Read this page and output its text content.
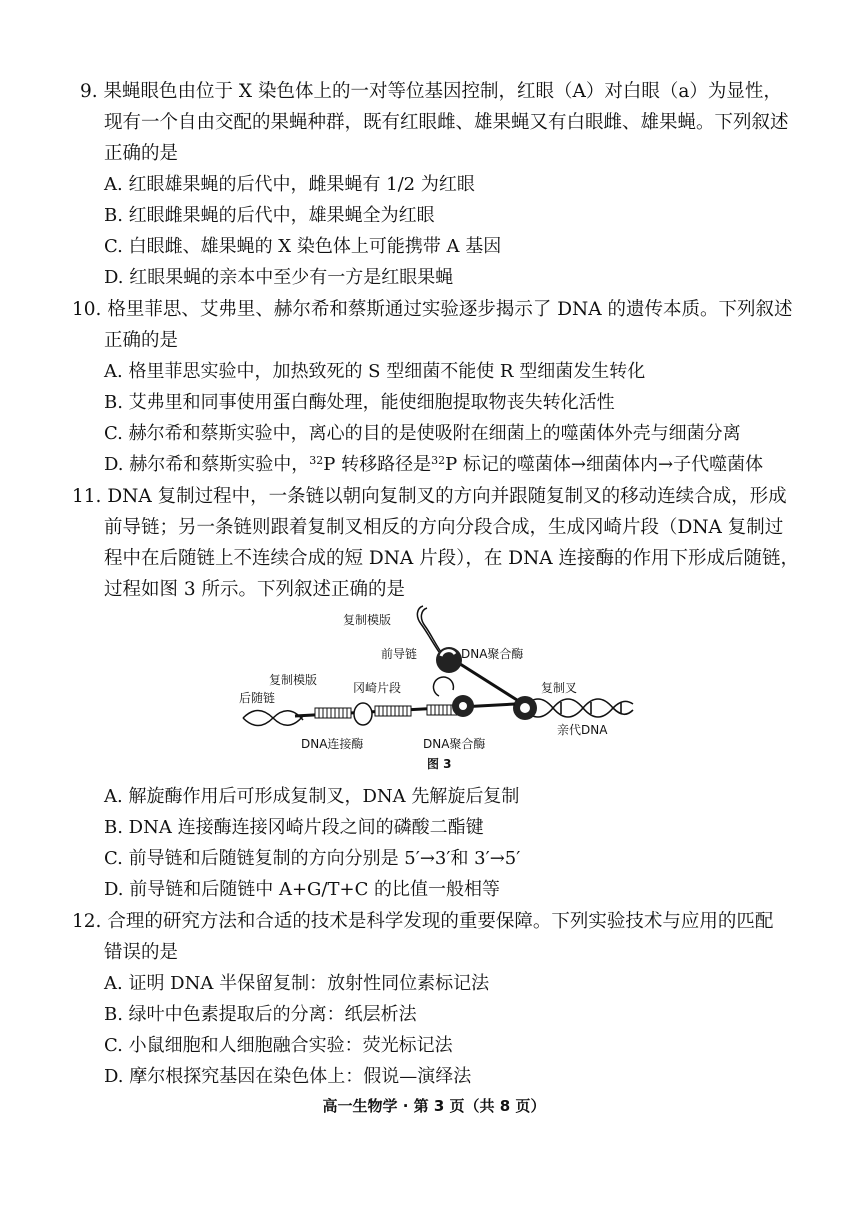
9. 果蝇眼色由位于 X 染色体上的一对等位基因控制，红眼（A）对白眼（a）为显性，
现有一个自由交配的果蝇种群，既有红眼雌、雄果蝇又有白眼雌、雄果蝇。下列叙述
正确的是
A. 红眼雄果蝇的后代中，雌果蝇有 1/2 为红眼
B. 红眼雌果蝇的后代中，雄果蝇全为红眼
C. 白眼雌、雄果蝇的 X 染色体上可能携带 A 基因
D. 红眼果蝇的亲本中至少有一方是红眼果蝇
10. 格里菲思、艾弗里、赫尔希和蔡斯通过实验逐步揭示了 DNA 的遗传本质。下列叙述
正确的是
A. 格里菲思实验中，加热致死的 S 型细菌不能使 R 型细菌发生转化
B. 艾弗里和同事使用蛋白酶处理，能使细胞提取物丧失转化活性
C. 赫尔希和蔡斯实验中，离心的目的是使吸附在细菌上的噬菌体外壳与细菌分离
D. 赫尔希和蔡斯实验中，$^{32}$P 转移路径是$^{32}$P 标记的噬菌体→细菌体内→子代噬菌体
11. DNA 复制过程中，一条链以朝向复制叉的方向并跟随复制叉的移动连续合成，形成
前导链；另一条链则跟着复制叉相反的方向分段合成，生成冈崎片段（DNA 复制过
程中在后随链上不连续合成的短 DNA 片段），在 DNA 连接酶的作用下形成后随链，
过程如图 3 所示。下列叙述正确的是
复制模版
前导链	DNA聚合酶
冈崎片段
复制模版
后随链
复制叉
亲代DNA
DNA连接酶	DNA聚合酶
图 3
A. 解旋酶作用后可形成复制叉，DNA 先解旋后复制
B. DNA 连接酶连接冈崎片段之间的磷酸二酯键
C. 前导链和后随链复制的方向分别是 5′→3′和 3′→5′
D. 前导链和后随链中 A+G/T+C 的比值一般相等
12. 合理的研究方法和合适的技术是科学发现的重要保障。下列实验技术与应用的匹配
错误的是
A. 证明 DNA 半保留复制：放射性同位素标记法
B. 绿叶中色素提取后的分离：纸层析法
C. 小鼠细胞和人细胞融合实验：荧光标记法
D. 摩尔根探究基因在染色体上：假说—演绎法
高一生物学 · 第 3 页（共 8 页）
